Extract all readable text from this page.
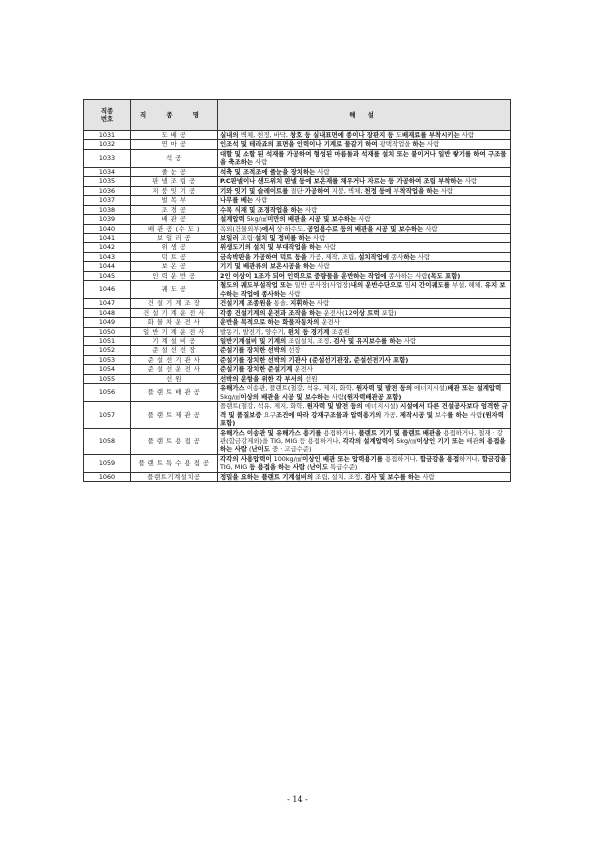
직종
번호	직 종 명	해 설
1031	도 배 공	실내의 벽체, 천정, 바닥, 창호 등 실내표면에 종이나 장판지 등 도배재료를 부착시키는 사람
1032	연 마 공	인조석 및 테라죠의 표면을 인력이나 기계로 물갈기 하여 광택작업을 하는 사람
1033	석 공	대할 및 소할 된 석재를 가공하여 형성된 마름돌과 석재를 설치 또는 붙이거나 일반 쌓기를 하여 구조물을 축조하는 사람
1034	줄 눈 공	석축 및 조적조에 줄눈을 장치하는 사람
1035	판 넬 조 립 공	P.C판넬이나 샌드위치 판넬 등에 보온재를 채우거나 자르는 등 가공하여 조립 부착하는 사람
1036	지 붕 잇 기 공	기와 잇기 및 슬레이트를 절단·가공하여 지붕, 벽체, 천정 등에 부착작업을 하는 사람
1037	벌 목 부	나무를 베는 사람
1038	조 경 공	수목 식재 및 조경작업을 하는 사람
1039	배 관 공	설계압력 5kg/㎠미만의 배관을 시공 및 보수하는 사람
1040	배 관 공 (수 도 )	옥외(건물외부)에서 상·하수도, 공업용수로 등의 배관을 시공 및 보수하는 사람
1041	보 일 러 공	보일러 조립·설치 및 정비를 하는 사람
1042	위 생 공	위생도기의 설치 및 부대작업을 하는 사람
1043	덕 트 공	금속박판을 가공하여 덕트 등을 가공, 제작, 조립, 설치작업에 종사하는 사람
1044	보 온 공	기기 및 배관류의 보온시공을 하는 사람
1045	인 력 운 반 공	2인 이상이 1조가 되어 인력으로 중량물을 운반하는 작업에 종사하는 사람(목도 포함)
1046	궤 도 공	철도의 궤도부설작업 또는 일반 공사장(사업장)내의 운반수단으로 임시 간이궤도를 부설, 해체, 유지 보수하는 작업에 종사하는 사람
1047	건 설 기 계 조 장	건설기계 조종원을 통솔, 지휘하는 사람
1048	건 설 기 계 운 전 사	각종 건설기계의 운전과 조작을 하는 운전사(12이상 트럭 포함)
1049	화 물 차 운 전 사	운반을 목적으로 하는 화물자동차의 운전사
1050	일 반 기 계 운 전 사	발동기, 발전기, 양수기, 윈치 등 경기계 조종원
1051	기 계 설 비 공	일반기계설비 및 기계의 조립설치, 조정, 검사 및 유지보수를 하는 사람
1052	준 설 선 선 장	준설기를 장치한 선박의 선장
1053	준 설 선 기 관 사	준설기를 장치한 선박의 기관사 (준설선기관장, 준설선전기사 포함)
1054	준 설 선 운 전 사	준설기를 장치한 준설기계 운전사
1055	선 원	선박의 운항을 위한 각 부서의 선원
1056	플 랜 트 배 관 공	유해가스 이송관, 플랜트(철강, 석유, 제지, 화학, 원자력 및 발전 등의 에너지시설)배관 또는 설계압력 5kg/㎠이상의 배관을 시공 및 보수하는 사람(원자력배관공 포함)
1057	플 랜 트 제 관 공	플랜트(철강, 석유, 제지, 화학, 원자력 및 발전 등의 에너지시설) 시설에서 다른 건설공사보다 엄격한 규격 및 품질보증 요구조건에 따라 강재구조물과 압력용기의 가공, 제작시공 및 보수를 하는 사람(원자력 포함)
1058	플 랜 트 용 접 공	유해가스 이송관 및 유해가스 용기를 용접하거나, 플랜트 기기 및 플랜트 배관을 용접하거나, 철재 · 강관(합금강제외)을 TIG, MIG 등 용접하거나, 각각의 설계압력이 5kg/㎠이상인 기기 또는 배관의 용접을 하는 사람 (난이도 중 · 고급수준)
1059	플 랜 트 특 수 용 접 공	각각의 사용압력이 100kg/㎠이상인 배관 또는 압력용기를 용접하거나, 합금강을 용접하거나, 합금강을 TIG, MIG 등 용접을 하는 사람 (난이도 특급수준)
1060	플랜트기계설치공	정밀을 요하는 플랜트 기계설비의 조립, 설치, 조정, 검사 및 보수를 하는 사람
- 14 -
